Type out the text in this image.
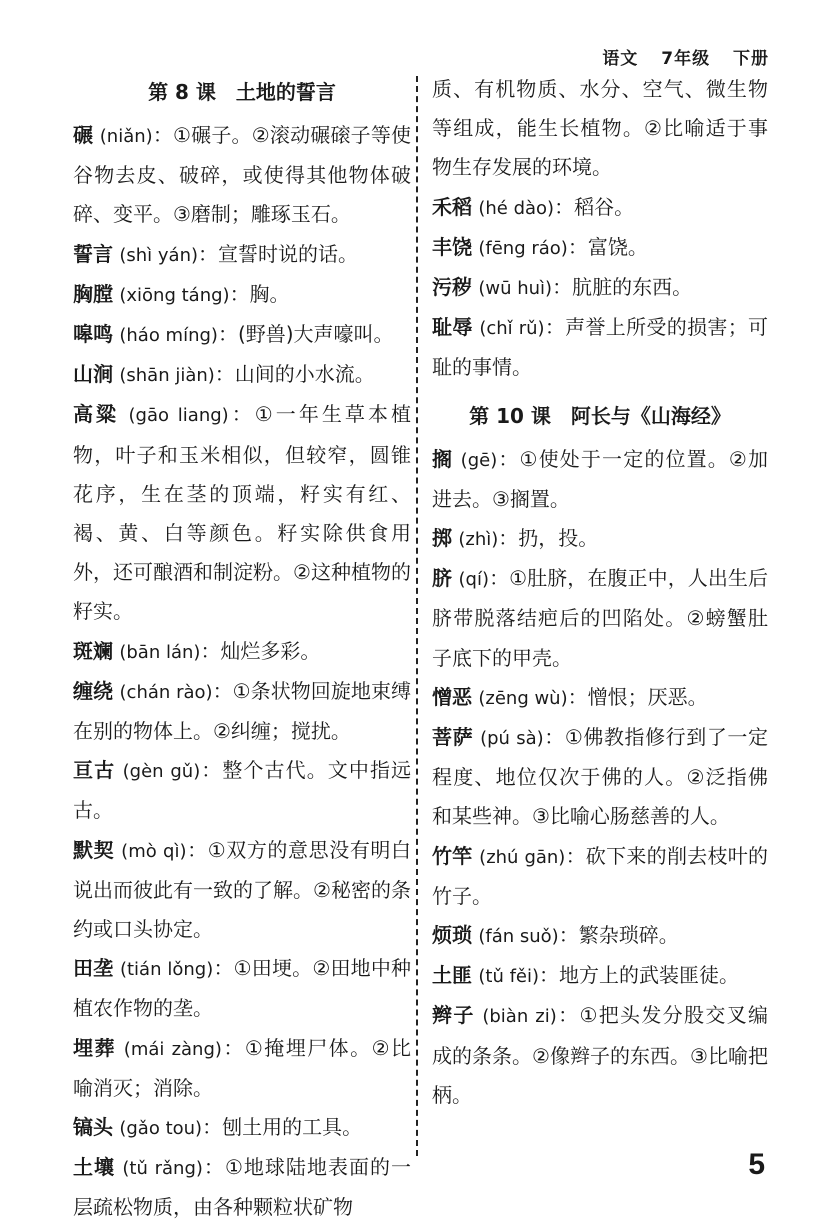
语文 7年级 下册
第 8 课　土地的誓言

碾 (niǎn)：①碾子。②滚动碾磙子等使谷物去皮、破碎，或使得其他物体破碎、变平。③磨制；雕琢玉石。

誓言 (shì yán)：宣誓时说的话。

胸膛 (xiōng táng)：胸。

嗥鸣 (háo míng)：(野兽)大声嚎叫。

山涧 (shān jiàn)：山间的小水流。

高粱 (gāo liang)：①一年生草本植物，叶子和玉米相似，但较窄，圆锥花序，生在茎的顶端，籽实有红、褐、黄、白等颜色。籽实除供食用外，还可酿酒和制淀粉。②这种植物的籽实。

斑斓 (bān lán)：灿烂多彩。

缠绕 (chán rào)：①条状物回旋地束缚在别的物体上。②纠缠；搅扰。

亘古 (gèn gǔ)：整个古代。文中指远古。

默契 (mò qì)：①双方的意思没有明白说出而彼此有一致的了解。②秘密的条约或口头协定。

田垄 (tián lǒng)：①田埂。②田地中种植农作物的垄。

埋葬 (mái zàng)：①掩埋尸体。②比喻消灭；消除。

镐头 (gǎo tou)：刨土用的工具。

土壤 (tǔ rǎng)：①地球陆地表面的一层疏松物质，由各种颗粒状矿物

质、有机物质、水分、空气、微生物等组成，能生长植物。②比喻适于事物生存发展的环境。

禾稻 (hé dào)：稻谷。

丰饶 (fēng ráo)：富饶。

污秽 (wū huì)：肮脏的东西。

耻辱 (chǐ rǔ)：声誉上所受的损害；可耻的事情。

第 10 课　阿长与《山海经》

搁 (gē)：①使处于一定的位置。②加进去。③搁置。

掷 (zhì)：扔，投。

脐 (qí)：①肚脐，在腹正中，人出生后脐带脱落结疤后的凹陷处。②螃蟹肚子底下的甲壳。

憎恶 (zēng wù)：憎恨；厌恶。

菩萨 (pú sà)：①佛教指修行到了一定程度、地位仅次于佛的人。②泛指佛和某些神。③比喻心肠慈善的人。

竹竿 (zhú gān)：砍下来的削去枝叶的竹子。

烦琐 (fán suǒ)：繁杂琐碎。

土匪 (tǔ fěi)：地方上的武装匪徒。

辫子 (biàn zi)：①把头发分股交叉编成的条条。②像辫子的东西。③比喻把柄。

5
